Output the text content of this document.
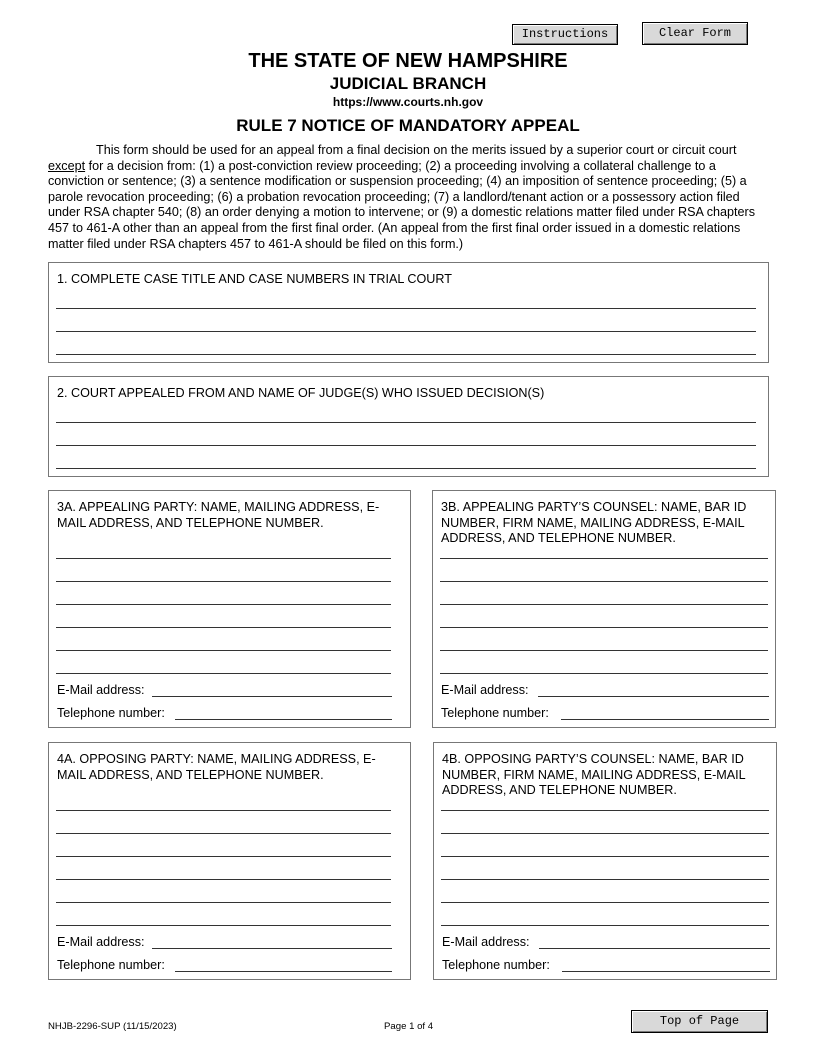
Instructions	Clear Form
THE STATE OF NEW HAMPSHIRE
JUDICIAL BRANCH
https://www.courts.nh.gov
RULE 7 NOTICE OF MANDATORY APPEAL
This form should be used for an appeal from a final decision on the merits issued by a superior court or circuit court except for a decision from: (1) a post-conviction review proceeding; (2) a proceeding involving a collateral challenge to a conviction or sentence; (3) a sentence modification or suspension proceeding; (4) an imposition of sentence proceeding; (5) a parole revocation proceeding; (6) a probation revocation proceeding; (7) a landlord/tenant action or a possessory action filed under RSA chapter 540; (8) an order denying a motion to intervene; or (9) a domestic relations matter filed under RSA chapters 457 to 461-A other than an appeal from the first final order. (An appeal from the first final order issued in a domestic relations matter filed under RSA chapters 457 to 461-A should be filed on this form.)
1. COMPLETE CASE TITLE AND CASE NUMBERS IN TRIAL COURT
2. COURT APPEALED FROM AND NAME OF JUDGE(S) WHO ISSUED DECISION(S)
3A. APPEALING PARTY: NAME, MAILING ADDRESS, E-MAIL ADDRESS, AND TELEPHONE NUMBER.
E-Mail address:
Telephone number:
3B. APPEALING PARTY’S COUNSEL: NAME, BAR ID NUMBER, FIRM NAME, MAILING ADDRESS, E-MAIL ADDRESS, AND TELEPHONE NUMBER.
E-Mail address:
Telephone number:
4A. OPPOSING PARTY: NAME, MAILING ADDRESS, E-MAIL ADDRESS, AND TELEPHONE NUMBER.
E-Mail address:
Telephone number:
4B. OPPOSING PARTY’S COUNSEL: NAME, BAR ID NUMBER, FIRM NAME, MAILING ADDRESS, E-MAIL ADDRESS, AND TELEPHONE NUMBER.
E-Mail address:
Telephone number:
NHJB-2296-SUP (11/15/2023)	Page 1 of 4	Top of Page
